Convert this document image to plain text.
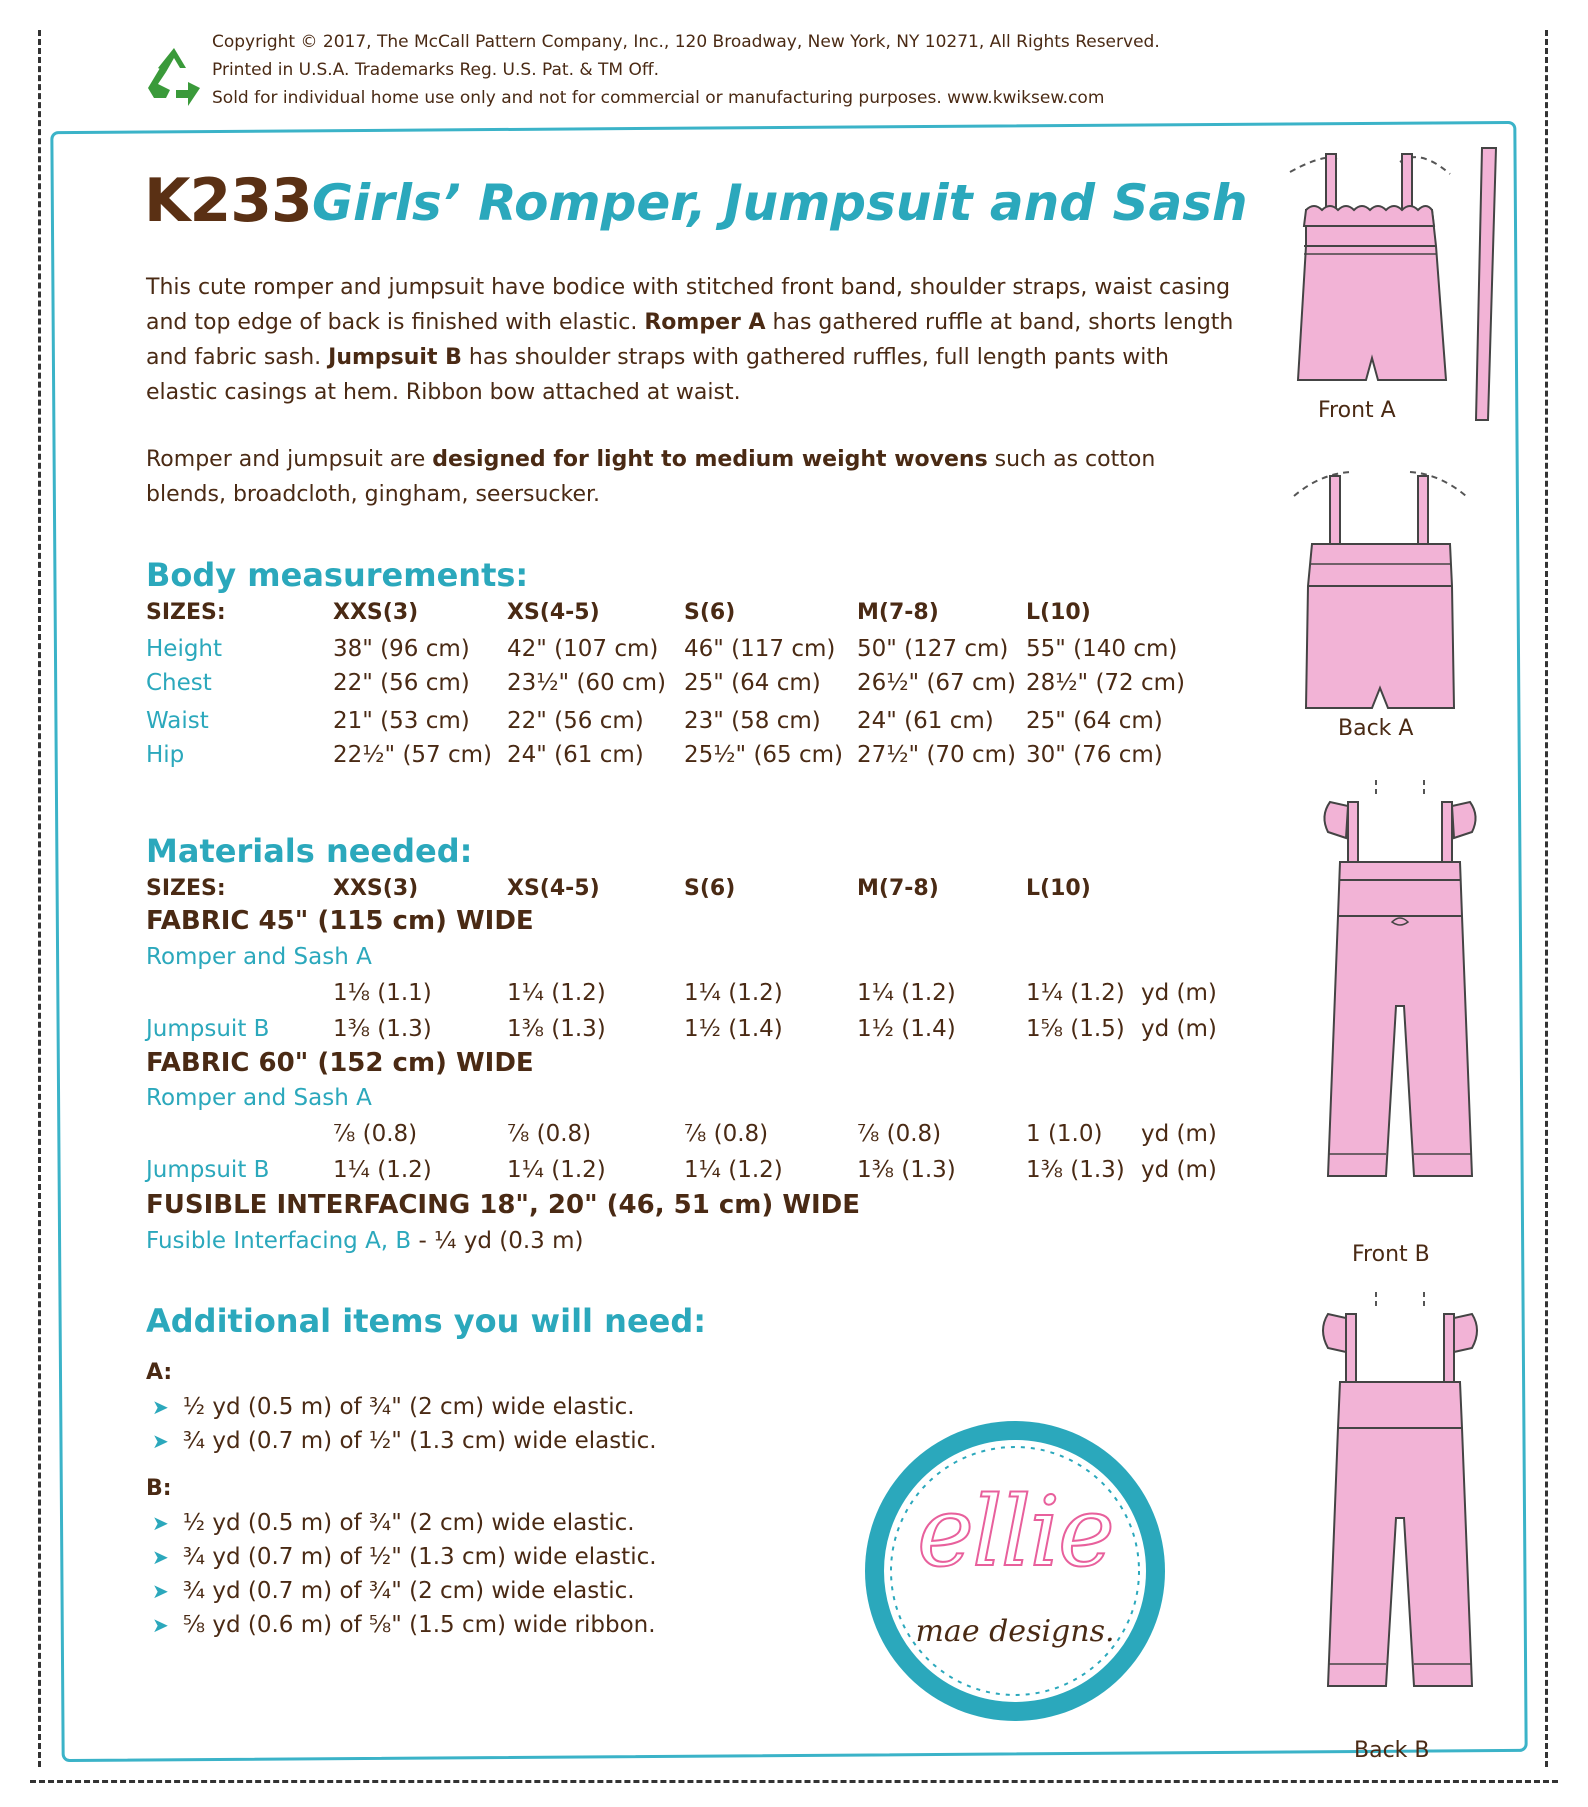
Copyright © 2017, The McCall Pattern Company, Inc., 120 Broadway, New York, NY 10271, All Rights Reserved.
Printed in U.S.A. Trademarks Reg. U.S. Pat. & TM Off.
Sold for individual home use only and not for commercial or manufacturing purposes. www.kwiksew.com
K233 Girls’ Romper, Jumpsuit and Sash
This cute romper and jumpsuit have bodice with stitched front band, shoulder straps, waist casing and top edge of back is finished with elastic. Romper A has gathered ruffle at band, shorts length and fabric sash. Jumpsuit B has shoulder straps with gathered ruffles, full length pants with elastic casings at hem. Ribbon bow attached at waist.
Romper and jumpsuit are designed for light to medium weight wovens such as cotton blends, broadcloth, gingham, seersucker.
Body measurements:
SIZES:	XXS(3)	XS(4-5)	S(6)	M(7-8)	L(10)
Height	38" (96 cm) 42" (107 cm) 46" (117 cm) 50" (127 cm) 55" (140 cm)
Chest	22" (56 cm) 23½" (60 cm) 25" (64 cm) 26½" (67 cm) 28½" (72 cm)
Waist	21" (53 cm) 22" (56 cm) 23" (58 cm) 24" (61 cm) 25" (64 cm)
Hip	22½" (57 cm) 24" (61 cm) 25½" (65 cm) 27½" (70 cm) 30" (76 cm)
Materials needed:
SIZES:	XXS(3)	XS(4-5)	S(6)	M(7-8)	L(10)
FABRIC 45" (115 cm) WIDE
Romper and Sash A
1⅛ (1.1)	1¼ (1.2)	1¼ (1.2)	1¼ (1.2)	1¼ (1.2) yd (m)
Jumpsuit B	1⅜ (1.3)	1⅜ (1.3)	1½ (1.4)	1½ (1.4)	1⅝ (1.5) yd (m)
FABRIC 60" (152 cm) WIDE
Romper and Sash A
⅞ (0.8)	⅞ (0.8)	⅞ (0.8)	⅞ (0.8)	1 (1.0) yd (m)
Jumpsuit B	1¼ (1.2)	1¼ (1.2)	1¼ (1.2)	1⅜ (1.3)	1⅜ (1.3) yd (m)
FUSIBLE INTERFACING 18", 20" (46, 51 cm) WIDE
Fusible Interfacing A, B - ¼ yd (0.3 m)
Additional items you will need:
A:
➤ ½ yd (0.5 m) of ¾" (2 cm) wide elastic.
➤ ¾ yd (0.7 m) of ½" (1.3 cm) wide elastic.
B:
➤ ½ yd (0.5 m) of ¾" (2 cm) wide elastic.
➤ ¾ yd (0.7 m) of ½" (1.3 cm) wide elastic.
➤ ¾ yd (0.7 m) of ¾" (2 cm) wide elastic.
➤ ⅝ yd (0.6 m) of ⅝" (1.5 cm) wide ribbon.
ellie
mae designs.
Front A
Back A
Front B
Back B
